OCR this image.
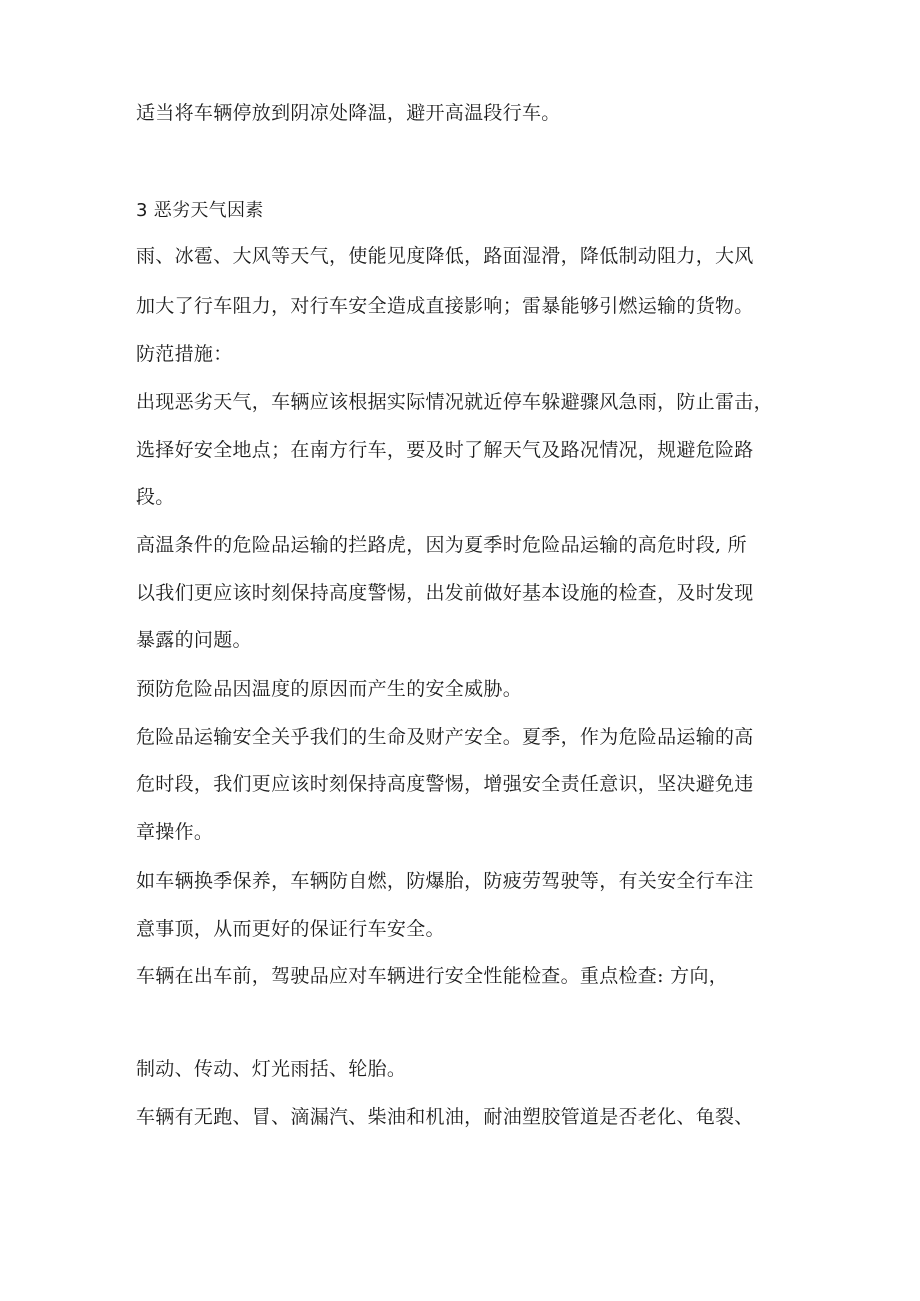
适当将车辆停放到阴凉处降温，避开高温段行车。
3 恶劣天气因素
雨、冰雹、大风等天气，使能见度降低，路面湿滑，降低制动阻力，大风
加大了行车阻力，对行车安全造成直接影响；雷暴能够引燃运输的货物。
防范措施：
出现恶劣天气，车辆应该根据实际情况就近停车躲避骤风急雨，防止雷击，
选择好安全地点；在南方行车，要及时了解天气及路况情况，规避危险路
段。
高温条件的危险品运输的拦路虎，因为夏季时危险品运输的高危时段, 所
以我们更应该时刻保持高度警惕，出发前做好基本设施的检查，及时发现
暴露的问题。
预防危险品因温度的原因而产生的安全威胁。
危险品运输安全关乎我们的生命及财产安全。夏季，作为危险品运输的高
危时段，我们更应该时刻保持高度警惕，增强安全责任意识，坚决避免违
章操作。
如车辆换季保养，车辆防自燃，防爆胎，防疲劳驾驶等，有关安全行车注
意事顶，从而更好的保证行车安全。
车辆在出车前，驾驶品应对车辆进行安全性能检查。重点检查: 方向，
制动、传动、灯光雨括、轮胎。
车辆有无跑、冒、滴漏汽、柴油和机油，耐油塑胶管道是否老化、龟裂、
